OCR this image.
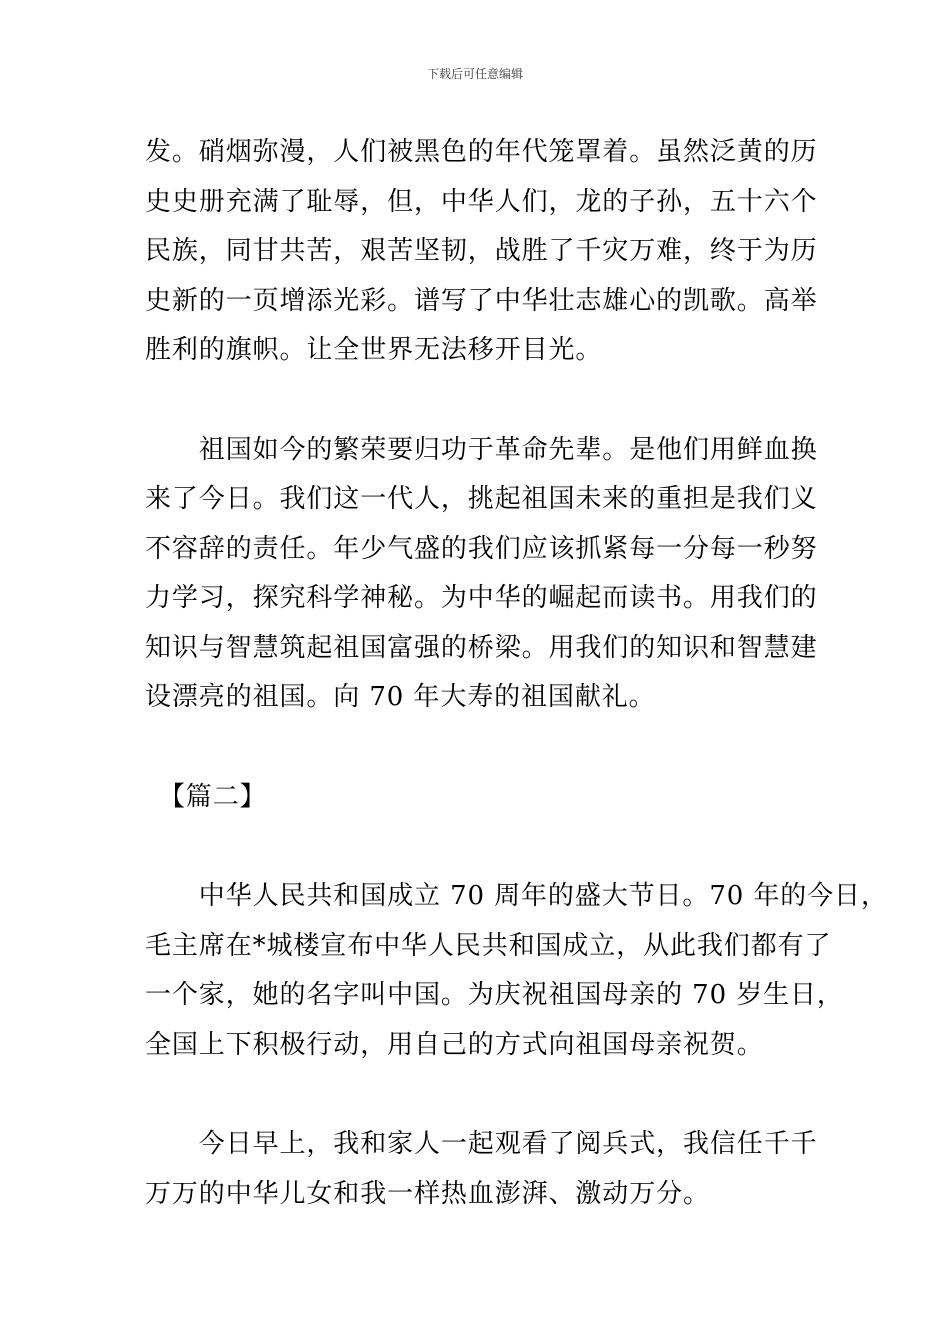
下载后可任意编辑

发。硝烟弥漫，人们被黑色的年代笼罩着。虽然泛黄的历
史史册充满了耻辱，但，中华人们，龙的子孙，五十六个
民族，同甘共苦，艰苦坚韧，战胜了千灾万难，终于为历
史新的一页增添光彩。谱写了中华壮志雄心的凯歌。高举
胜利的旗帜。让全世界无法移开目光。

　　祖国如今的繁荣要归功于革命先辈。是他们用鲜血换
来了今日。我们这一代人，挑起祖国未来的重担是我们义
不容辞的责任。年少气盛的我们应该抓紧每一分每一秒努
力学习，探究科学神秘。为中华的崛起而读书。用我们的
知识与智慧筑起祖国富强的桥梁。用我们的知识和智慧建
设漂亮的祖国。向 70 年大寿的祖国献礼。

　【篇二】

　　中华人民共和国成立 70 周年的盛大节日。70 年的今日，
毛主席在*城楼宣布中华人民共和国成立，从此我们都有了
一个家，她的名字叫中国。为庆祝祖国母亲的 70 岁生日，
全国上下积极行动，用自己的方式向祖国母亲祝贺。

　　今日早上，我和家人一起观看了阅兵式，我信任千千
万万的中华儿女和我一样热血澎湃、激动万分。
